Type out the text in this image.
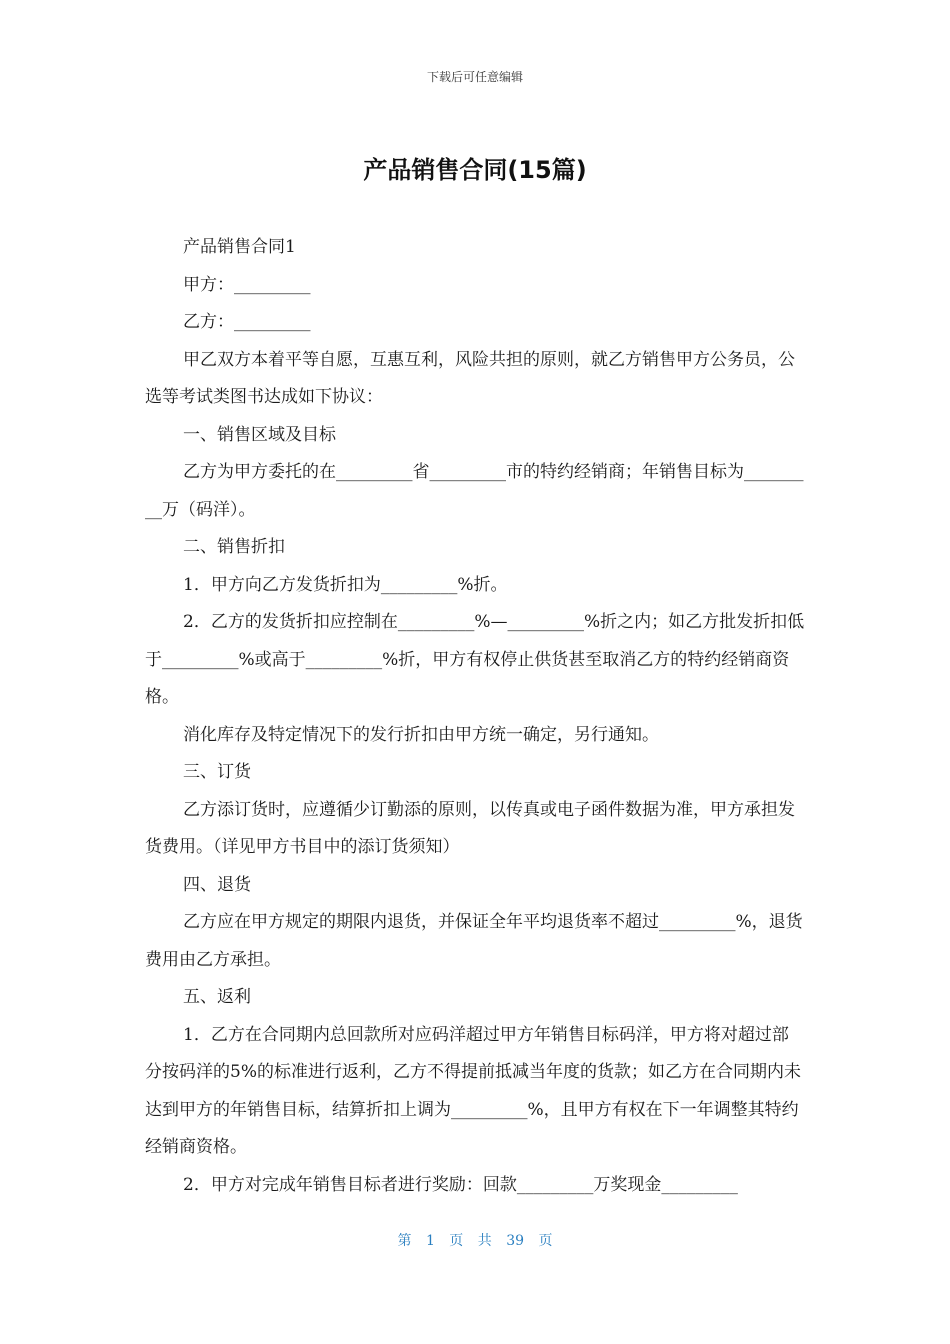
下载后可任意编辑
产品销售合同(15篇)

产品销售合同1

甲方：_________

乙方：_________

甲乙双方本着平等自愿，互惠互利，风险共担的原则，就乙方销售甲方公务员，公选等考试类图书达成如下协议：

一、销售区域及目标

乙方为甲方委托的在_________省_________市的特约经销商；年销售目标为_________万（码洋）。

二、销售折扣

1．甲方向乙方发货折扣为_________%折。

2．乙方的发货折扣应控制在_________%—_________%折之内；如乙方批发折扣低于_________%或高于_________%折，甲方有权停止供货甚至取消乙方的特约经销商资格。

消化库存及特定情况下的发行折扣由甲方统一确定，另行通知。

三、订货

乙方添订货时，应遵循少订勤添的原则，以传真或电子函件数据为准，甲方承担发货费用。（详见甲方书目中的添订货须知）

四、退货

乙方应在甲方规定的期限内退货，并保证全年平均退货率不超过_________%，退货费用由乙方承担。

五、返利

1．乙方在合同期内总回款所对应码洋超过甲方年销售目标码洋，甲方将对超过部分按码洋的5%的标准进行返利，乙方不得提前抵减当年度的货款；如乙方在合同期内未达到甲方的年销售目标，结算折扣上调为_________%，且甲方有权在下一年调整其特约经销商资格。

2．甲方对完成年销售目标者进行奖励：回款_________万奖现金_________

第 1 页 共 39 页
